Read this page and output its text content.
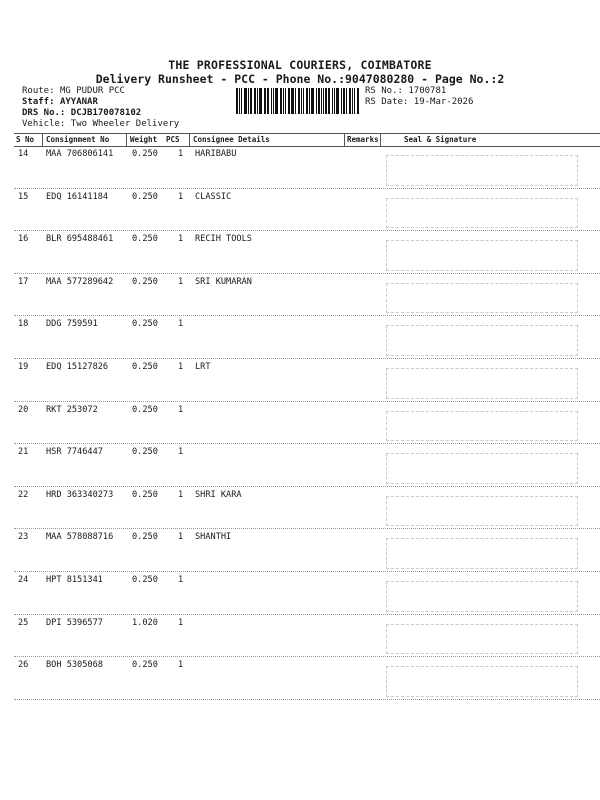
THE PROFESSIONAL COURIERS, COIMBATORE
Delivery Runsheet - PCC - Phone No.:9047080280 - Page No.:2
Route: MG PUDUR PCC
Staff: AYYANAR
DRS No.: DCJB170078102
Vehicle: Two Wheeler Delivery
RS No.: 1700781
RS Date: 19-Mar-2026
S No Consignment No	Weight PCS Consignee Details	Remarks	Seal & Signature
14 MAA 706806141 0.250 1 HARIBABU
15 EDQ 16141184	0.250 1 CLASSIC
16 BLR 695488461 0.250 1 RECIH TOOLS
17 MAA 577289642 0.250 1 SRI KUMARAN
18 DDG 759591	0.250 1
19 EDQ 15127826	0.250 1 LRT
20 RKT 253072	0.250 1
21 HSR 7746447	0.250 1
22 HRD 363340273 0.250 1 SHRI KARA
23 MAA 578088716 0.250 1 SHANTHI
24 HPT 8151341	0.250 1
25 DPI 5396577	1.020 1
26 BOH 5305068	0.250 1
